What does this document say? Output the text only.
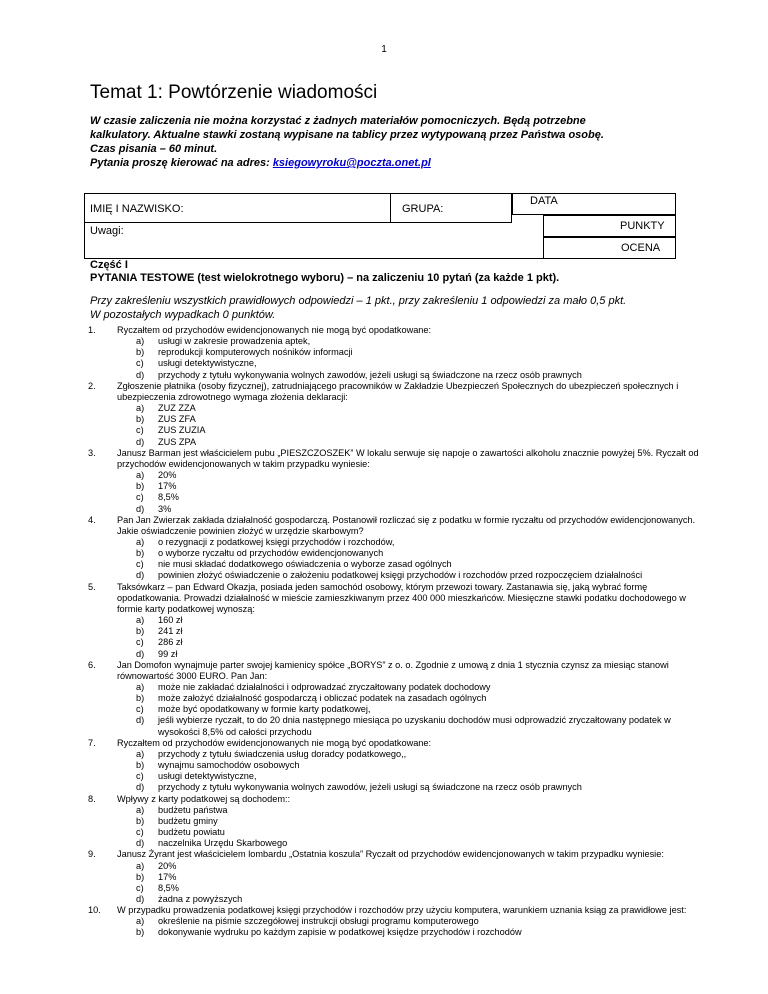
1
Temat 1: Powtórzenie wiadomości
W czasie zaliczenia nie można korzystać z żadnych materiałów pomocniczych. Będą potrzebne
kalkulatory. Aktualne stawki zostaną wypisane na tablicy przez wytypowaną przez Państwa osobę.
Czas pisania – 60 minut.
Pytania proszę kierować na adres: ksiegowyroku@poczta.onet.pl
IMIĘ I NAZWISKO:	GRUPA:
DATA
Uwagi:	PUNKTY
OCENA
Część I
PYTANIA TESTOWE (test wielokrotnego wyboru) – na zaliczeniu 10 pytań (za każde 1 pkt).
Przy zakreśleniu wszystkich prawidłowych odpowiedzi – 1 pkt., przy zakreśleniu 1 odpowiedzi za mało 0,5 pkt.
W pozostałych wypadkach 0 punktów.
1. Ryczałtem od przychodów ewidencjonowanych nie mogą być opodatkowane:
a) usługi w zakresie prowadzenia aptek,
b) reprodukcji komputerowych nośników informacji
c) usługi detektywistyczne,
d) przychody z tytułu wykonywania wolnych zawodów, jeżeli usługi są świadczone na rzecz osób prawnych
2. Zgłoszenie płatnika (osoby fizycznej), zatrudniającego pracowników w Zakładzie Ubezpieczeń Społecznych do ubezpieczeń społecznych i ubezpieczenia zdrowotnego wymaga złożenia deklaracji:
a) ZUZ ZZA
b) ZUS ZFA
c) ZUS ZUZIA
d) ZUS ZPA
3. Janusz Barman jest właścicielem pubu „PIESZCZOSZEK” W lokalu serwuje się napoje o zawartości alkoholu znacznie powyżej 5%. Ryczałt od przychodów ewidencjonowanych w takim przypadku wyniesie:
a) 20%
b) 17%
c) 8,5%
d) 3%
4. Pan Jan Zwierzak zakłada działalność gospodarczą. Postanowił rozliczać się z podatku w formie ryczałtu od przychodów ewidencjonowanych. Jakie oświadczenie powinien złożyć w urzędzie skarbowym?
a) o rezygnacji z podatkowej księgi przychodów i rozchodów,
b) o wyborze ryczałtu od przychodów ewidencjonowanych
c) nie musi składać dodatkowego oświadczenia o wyborze zasad ogólnych
d) powinien złożyć oświadczenie o założeniu podatkowej księgi przychodów i rozchodów przed rozpoczęciem działalności
5. Taksówkarz – pan Edward Okazja, posiada jeden samochód osobowy, którym przewozi towary. Zastanawia się, jaką wybrać formę opodatkowania. Prowadzi działalność w mieście zamieszkiwanym przez 400 000 mieszkańców. Miesięczne stawki podatku dochodowego w formie karty podatkowej wynoszą:
a) 160 zł
b) 241 zł
c) 286 zł
d) 99 zł
6. Jan Domofon wynajmuje parter swojej kamienicy spółce „BORYS” z o. o. Zgodnie z umową z dnia 1 stycznia czynsz za miesiąc stanowi równowartość 3000 EURO. Pan Jan:
a) może nie zakładać działalności i odprowadzać zryczałtowany podatek dochodowy
b) może założyć działalność gospodarczą i obliczać podatek na zasadach ogólnych
c) może być opodatkowany w formie karty podatkowej,
d) jeśli wybierze ryczałt, to do 20 dnia następnego miesiąca po uzyskaniu dochodów musi odprowadzić zryczałtowany podatek w wysokości 8,5% od całości przychodu
7. Ryczałtem od przychodów ewidencjonowanych nie mogą być opodatkowane:
a) przychody z tytułu świadczenia usług doradcy podatkowego,,
b) wynajmu samochodów osobowych
c) usługi detektywistyczne,
d) przychody z tytułu wykonywania wolnych zawodów, jeżeli usługi są świadczone na rzecz osób prawnych
8. Wpływy z karty podatkowej są dochodem::
a) budżetu państwa
b) budżetu gminy
c) budżetu powiatu
d) naczelnika Urzędu Skarbowego
9. Janusz Żyrant jest właścicielem lombardu „Ostatnia koszula” Ryczałt od przychodów ewidencjonowanych w takim przypadku wyniesie:
a) 20%
b) 17%
c) 8,5%
d) żadna z powyższych
10. W przypadku prowadzenia podatkowej księgi przychodów i rozchodów przy użyciu komputera, warunkiem uznania ksiąg za prawidłowe jest:
a) określenie na piśmie szczegółowej instrukcji obsługi programu komputerowego
b) dokonywanie wydruku po każdym zapisie w podatkowej księdze przychodów i rozchodów
